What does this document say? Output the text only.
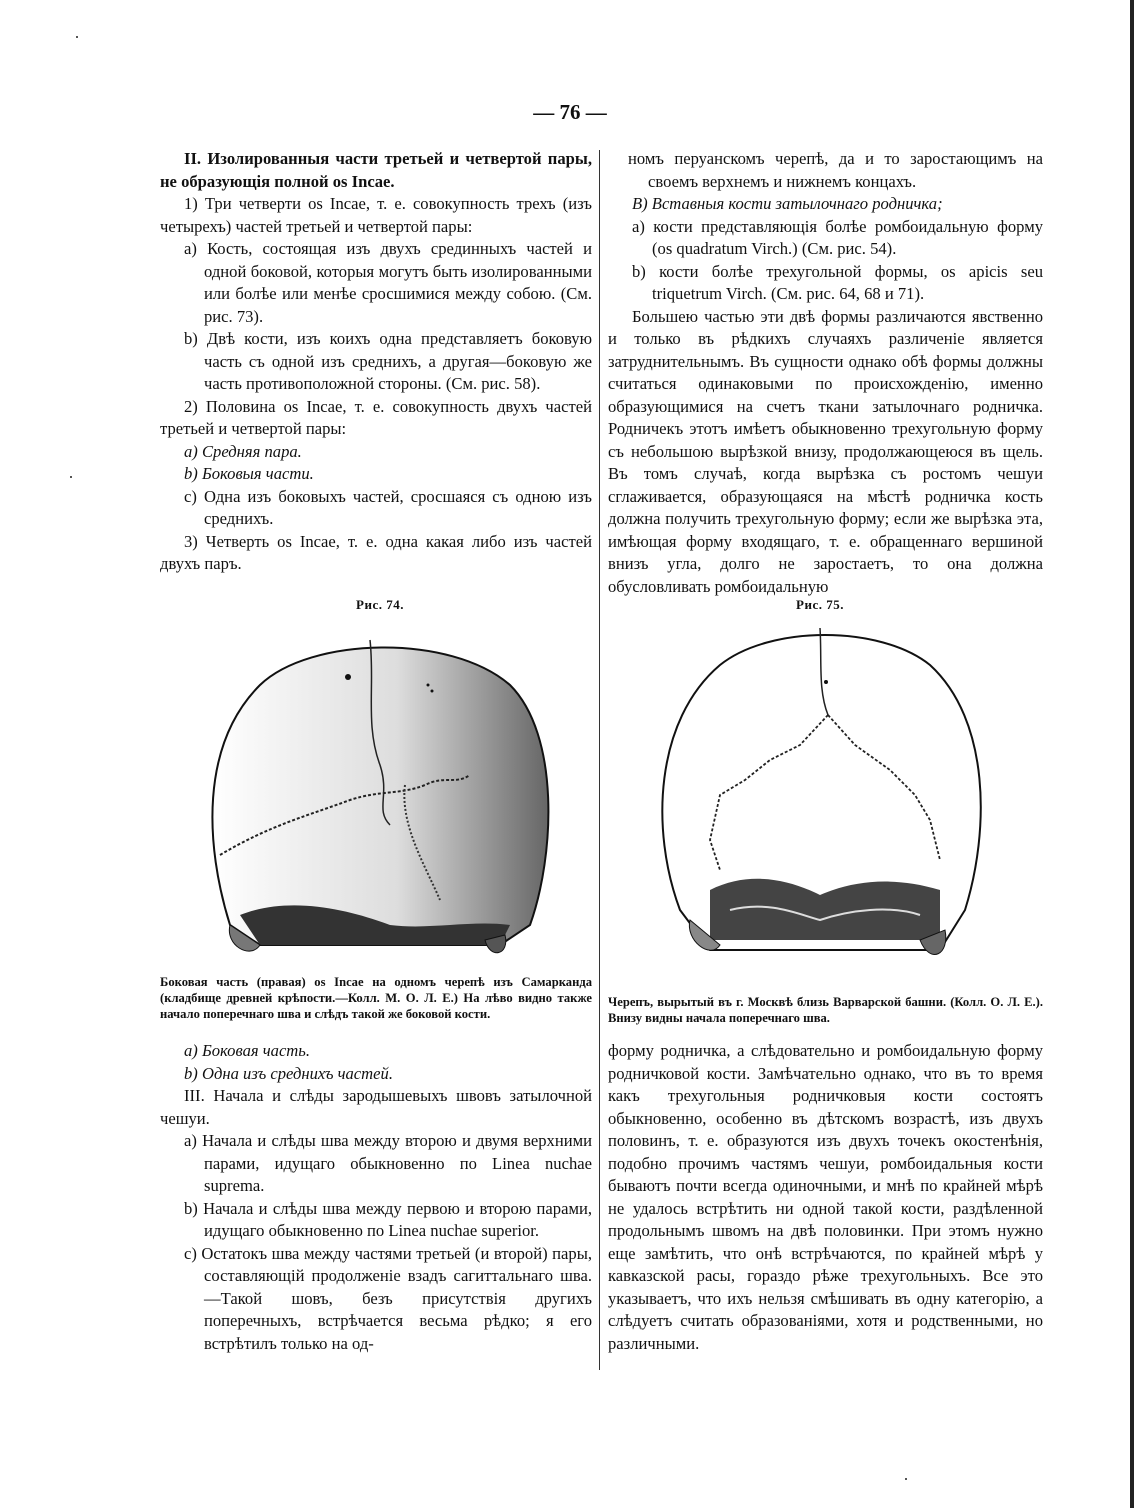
— 76 —

II. Изолированныя части третьей и четвертой пары, не образующія полной os Incae.

1) Три четверти os Incae, т. е. совокупность трехъ (изъ четырехъ) частей третьей и четвертой пары:

a) Кость, состоящая изъ двухъ срединныхъ частей и одной боковой, которыя могутъ быть изолированными или болѣе или менѣе сросшимися между собою. (См. рис. 73).

b) Двѣ кости, изъ коихъ одна представляетъ боковую часть съ одной изъ среднихъ, а другая—боковую же часть противоположной стороны. (См. рис. 58).

2) Половина os Incae, т. е. совокупность двухъ частей третьей и четвертой пары:

a) Средняя пара.

b) Боковыя части.

c) Одна изъ боковыхъ частей, сросшаяся съ одною изъ среднихъ.

3) Четверть os Incae, т. е. одна какая либо изъ частей двухъ паръ.

номъ перуанскомъ черепѣ, да и то заростающимъ на своемъ верхнемъ и нижнемъ концахъ.

B) Вставныя кости затылочнаго родничка;

a) кости представляющія болѣе ромбоидальную форму (os quadratum Virch.) (См. рис. 54).

b) кости болѣе трехугольной формы, os apicis seu triquetrum Virch. (См. рис. 64, 68 и 71).

Большею частью эти двѣ формы различаются явственно и только въ рѣдкихъ случаяхъ различеніе является затруднительнымъ. Въ сущности однако обѣ формы должны считаться одинаковыми по происхожденію, именно образующимися на счетъ ткани затылочнаго родничка. Родничекъ этотъ имѣетъ обыкновенно трехугольную форму съ небольшою вырѣзкой внизу, продолжающеюся въ щель. Въ томъ случаѣ, когда вырѣзка съ ростомъ чешуи сглаживается, образующаяся на мѣстѣ родничка кость должна получить трехугольную форму; если же вырѣзка эта, имѣющая форму входящаго, т. е. обращеннаго вершиной внизъ угла, долго не заростаетъ, то она должна обусловливать ромбоидальную

Рис. 74.
Боковая часть (правая) os Incae на одномъ черепѣ изъ Самарканда (кладбище древней крѣпости.—Колл. М. О. Л. Е.) На лѣво видно также начало поперечнаго шва и слѣдъ такой же боковой кости.
Рис. 75.
Черепъ, вырытый въ г. Москвѣ близь Варварской башни. (Колл. О. Л. Е.). Внизу видны начала поперечнаго шва.

a) Боковая часть.

b) Одна изъ среднихъ частей.

III. Начала и слѣды зародышевыхъ швовъ затылочной чешуи.

a) Начала и слѣды шва между второю и двумя верхними парами, идущаго обыкновенно по Linea nuchae suprema.

b) Начала и слѣды шва между первою и второю парами, идущаго обыкновенно по Linea nuchae superior.

c) Остатокъ шва между частями третьей (и второй) пары, составляющій продолженіе взадъ сагиттальнаго шва.—Такой шовъ, безъ присутствія другихъ поперечныхъ, встрѣчается весьма рѣдко; я его встрѣтилъ только на од-

форму родничка, а слѣдовательно и ромбоидальную форму родничковой кости. Замѣчательно однако, что въ то время какъ трехугольныя родничковыя кости состоятъ обыкновенно, особенно въ дѣтскомъ возрастѣ, изъ двухъ половинъ, т. е. образуются изъ двухъ точекъ окостенѣнія, подобно прочимъ частямъ чешуи, ромбоидальныя кости бываютъ почти всегда одиночными, и мнѣ по крайней мѣрѣ не удалось встрѣтить ни одной такой кости, раздѣленной продольнымъ швомъ на двѣ половинки. При этомъ нужно еще замѣтить, что онѣ встрѣчаются, по крайней мѣрѣ у кавказской расы, гораздо рѣже трехугольныхъ. Все это указываетъ, что ихъ нельзя смѣшивать въ одну категорію, а слѣдуетъ считать образованіями, хотя и родственными, но различными.
